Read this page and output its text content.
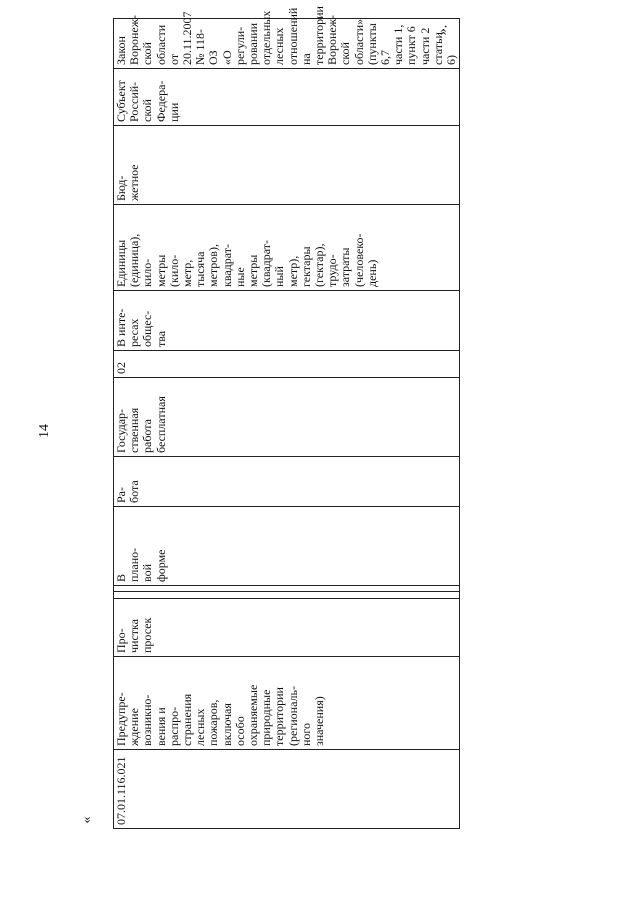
14
«
».
07.01.116.021	Предупре-
ждение
возникно-
вения и
распро-
странения
лесных
пожаров,
включая
особо
охраняемые
природные
территории
(региональ-
ного
значения)	Про-
чистка
просек			В
плано-
вой
форме	Ра-
бота	Государ-
ственная
работа
бесплатная	02	В инте-
ресах
общес-
тва	Единицы
(единица),
кило-
метры
(кило-
метр,
тысяча
метров),
квадрат-
ные
метры
(квадрат-
ный
метр),
гектары
(гектар),
трудо-
затраты
(человеко-
день)	Бюд-
жетное	Субъект
Россий-
ской
Федера-
ции	Закон
Воронеж-
ской
области от
20.11.2007
№ 118-ОЗ
«О регули-
ровании
отдельных
лесных
отношений
на
территории
Воронеж-
ской
области»
(пункты 6,7
части 1,
пункт 6
части 2
статьи 6)
